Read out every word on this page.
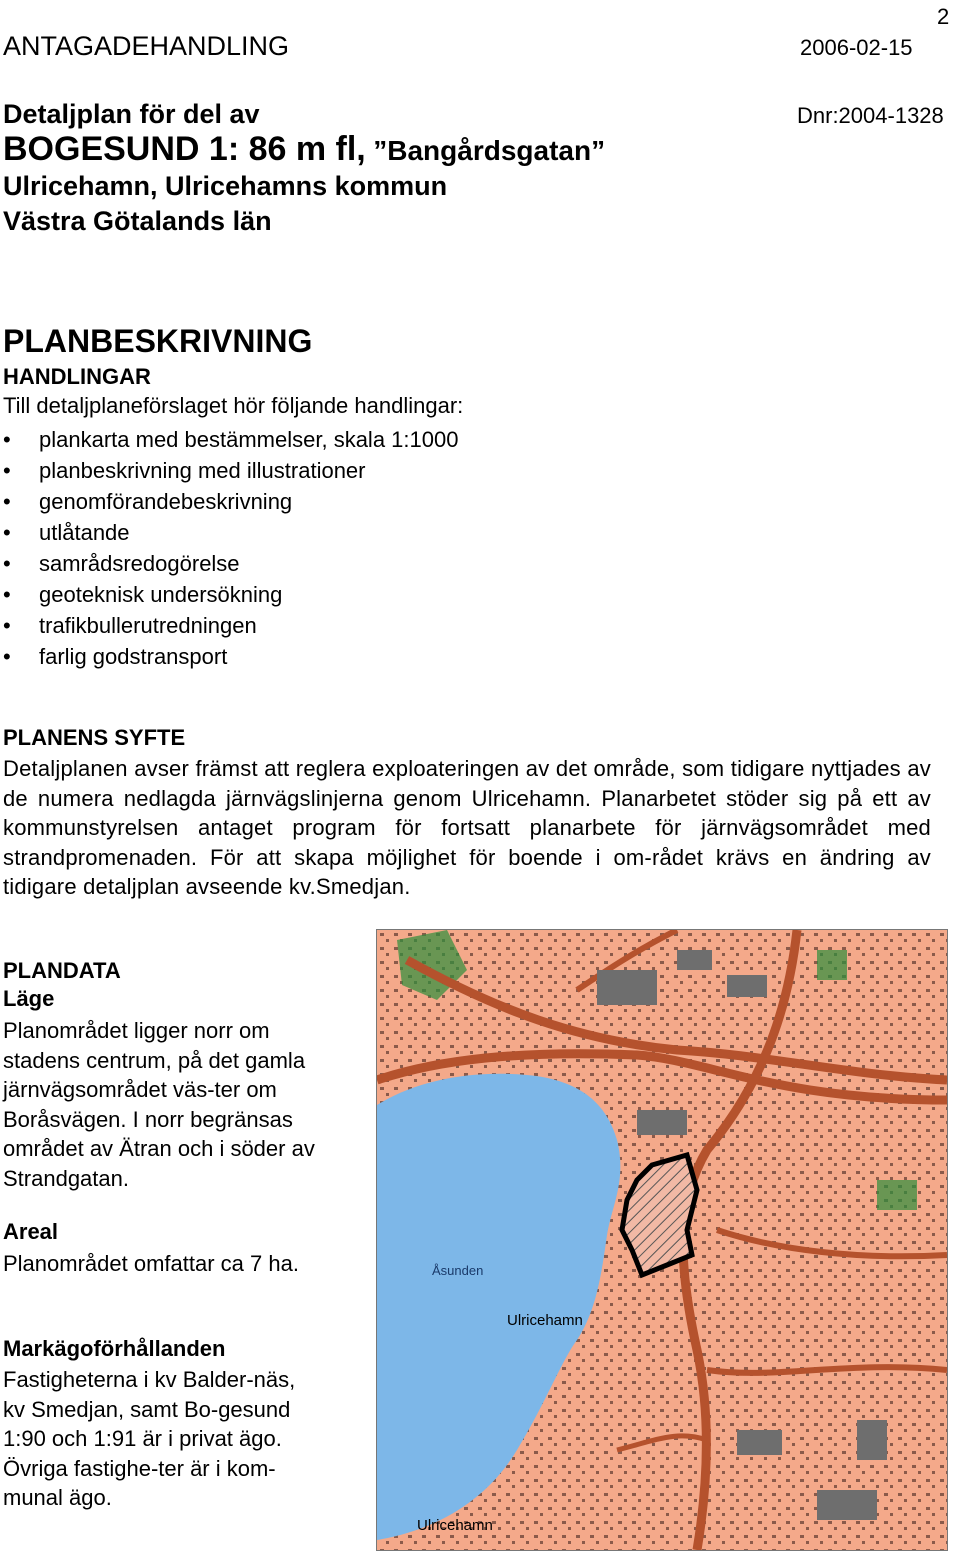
2
ANTAGADEHANDLING	2006-02-15
Dnr:2004-1328
Detaljplan för del av
BOGESUND 1: 86 m fl, ”Bangårdsgatan”
Ulricehamn, Ulricehamns kommun
Västra Götalands län
PLANBESKRIVNING
HANDLINGAR
Till detaljplaneförslaget hör följande handlingar:
• plankarta med bestämmelser, skala 1:1000
• planbeskrivning med illustrationer
• genomförandebeskrivning
• utlåtande
• samrådsredogörelse
• geoteknisk undersökning
• trafikbullerutredningen
• farlig godstransport
PLANENS SYFTE
Detaljplanen avser främst att reglera exploateringen av det område, som tidigare nyttjades av de numera nedlagda järnvägslinjerna genom Ulricehamn. Planarbetet stöder sig på ett av kommunstyrelsen antaget program för fortsatt planarbete för järnvägsområdet med strandpromenaden. För att skapa möjlighet för boende i om-rådet krävs en ändring av tidigare detaljplan avseende kv.Smedjan.
PLANDATA
Läge
Planområdet ligger norr om stadens centrum, på det gamla järnvägsområdet väs-ter om Boråsvägen. I norr begränsas området av Ätran och i söder av Strandgatan.
Areal
Planområdet omfattar ca 7 ha.
Markägoförhållanden
Fastigheterna i kv Balder-näs, kv Smedjan, samt Bo-gesund 1:90 och 1:91 är i privat ägo. Övriga fastighe-ter är i kom-munal ägo.
Ulricehamn
Ulricehamn
Åsunden
